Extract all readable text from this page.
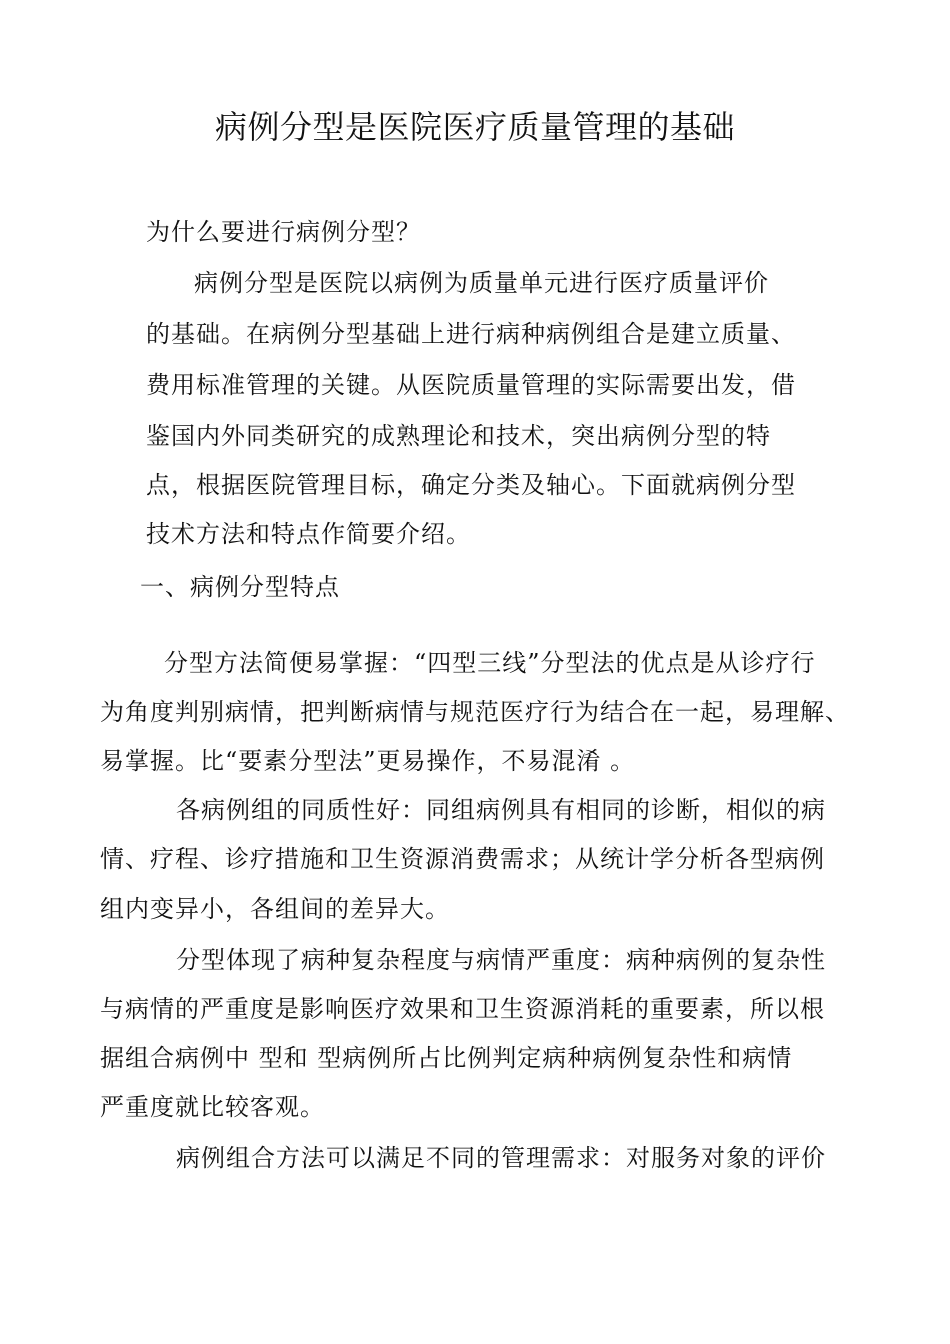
病例分型是医院医疗质量管理的基础

为什么要进行病例分型？

病例分型是医院以病例为质量单元进行医疗质量评价

的基础。在病例分型基础上进行病种病例组合是建立质量、

费用标准管理的关键。从医院质量管理的实际需要出发，借

鉴国内外同类研究的成熟理论和技术，突出病例分型的特

点，根据医院管理目标，确定分类及轴心。下面就病例分型

技术方法和特点作简要介绍。

一、病例分型特点

分型方法简便易掌握：“四型三线”分型法的优点是从诊疗行

为角度判别病情，把判断病情与规范医疗行为结合在一起，易理解、

易掌握。比“要素分型法”更易操作，不易混淆 。

各病例组的同质性好：同组病例具有相同的诊断，相似的病

情、疗程、诊疗措施和卫生资源消费需求；从统计学分析各型病例

组内变异小，各组间的差异大。

分型体现了病种复杂程度与病情严重度：病种病例的复杂性

与病情的严重度是影响医疗效果和卫生资源消耗的重要素，所以根

据组合病例中 型和 型病例所占比例判定病种病例复杂性和病情

严重度就比较客观。

病例组合方法可以满足不同的管理需求：对服务对象的评价
